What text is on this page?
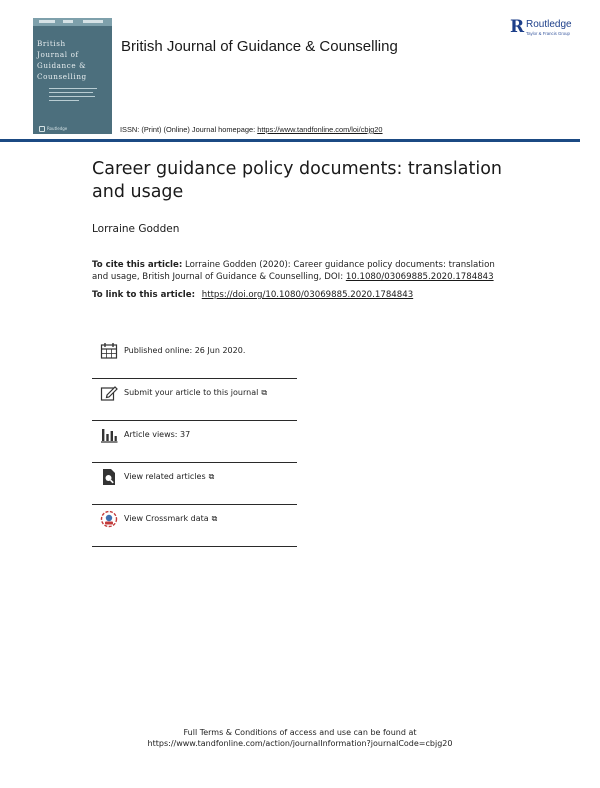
British
Journal of
Guidance &
Counselling
Routledge
British Journal of Guidance & Counselling
R Routledge
Taylor & Francis Group
ISSN: (Print) (Online) Journal homepage: https://www.tandfonline.com/loi/cbjg20
Career guidance policy documents: translation and usage
Lorraine Godden
To cite this article: Lorraine Godden (2020): Career guidance policy documents: translation and usage, British Journal of Guidance & Counselling, DOI: 10.1080/03069885.2020.1784843
To link to this article: https://doi.org/10.1080/03069885.2020.1784843
Published online: 26 Jun 2020.
Submit your article to this journal ⧉
Article views: 37
View related articles ⧉
View Crossmark data ⧉
Full Terms & Conditions of access and use can be found at
https://www.tandfonline.com/action/journalInformation?journalCode=cbjg20
